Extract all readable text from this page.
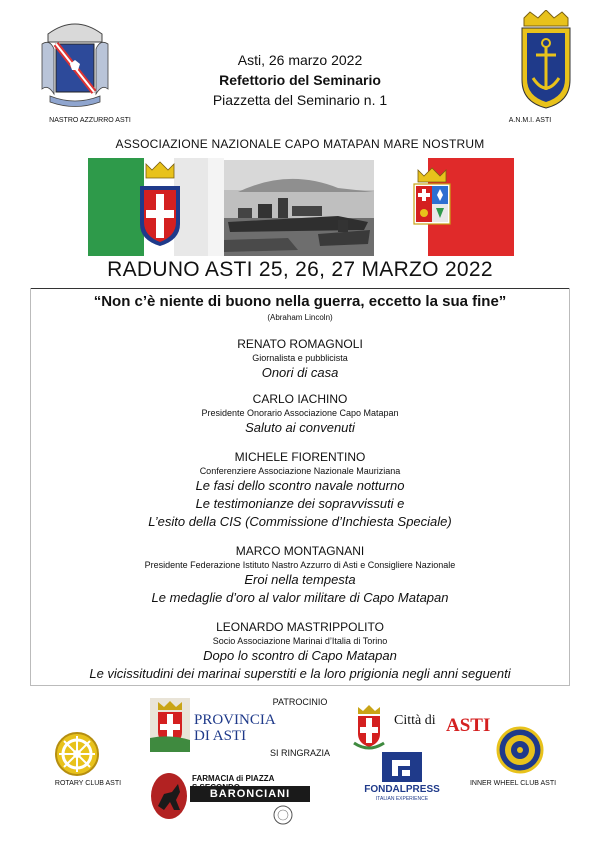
Asti, 26 marzo 2022
Refettorio del Seminario
Piazzetta del Seminario n. 1
NASTRO AZZURRO ASTI	A.N.M.I. ASTI
ASSOCIAZIONE NAZIONALE CAPO MATAPAN MARE NOSTRUM
RADUNO ASTI 25, 26, 27 MARZO 2022
“Non c’è niente di buono nella guerra, eccetto la sua fine”
(Abraham Lincoln)
RENATO ROMAGNOLI
Giornalista e pubblicista
Onori di casa
CARLO IACHINO
Presidente Onorario Associazione Capo Matapan
Saluto ai convenuti
MICHELE FIORENTINO
Conferenziere Associazione Nazionale Mauriziana
Le fasi dello scontro navale notturno
Le testimonianze dei sopravvissuti e
L’esito della CIS (Commissione d’Inchiesta Speciale)
MARCO MONTAGNANI
Presidente Federazione Istituto Nastro Azzurro di Asti e Consigliere Nazionale
Eroi nella tempesta
Le medaglie d’oro al valor militare di Capo Matapan
LEONARDO MASTRIPPOLITO
Socio Associazione Marinai d’Italia di Torino
Dopo lo scontro di Capo Matapan
Le vicissitudini dei marinai superstiti e la loro prigionia negli anni seguenti
PATROCINIO
SI RINGRAZIA
PROVINCIA
DI ASTI
Città di ASTI
ROTARY CLUB ASTI	INNER WHEEL CLUB ASTI
FARMACIA di PIAZZA
BARONCIANI	FONDALPRESS
ITALIAN EXPERIENCE
